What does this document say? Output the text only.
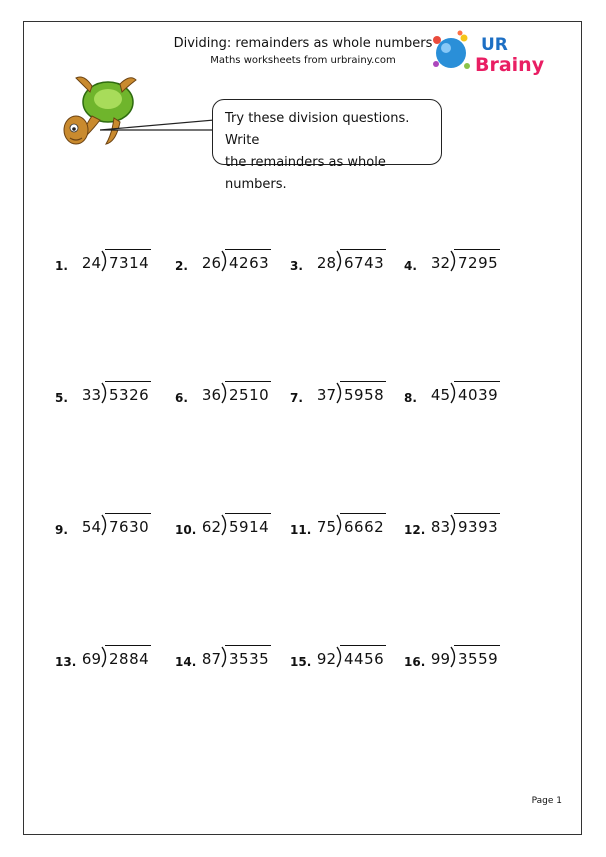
Dividing: remainders as whole numbers
Maths worksheets from urbrainy.com
UR
Brainy
Try these division questions. Write
the remainders as whole numbers.
1. 24 7314 2. 26 4263 3. 28 6743 4. 32 7295
5. 33 5326 6. 36 2510 7. 37 5958 8. 45 4039
9. 54 7630 10. 62 5914 11. 75 6662 12. 83 9393
13. 69 2884 14. 87 3535 15. 92 4456 16. 99 3559
Page 1
